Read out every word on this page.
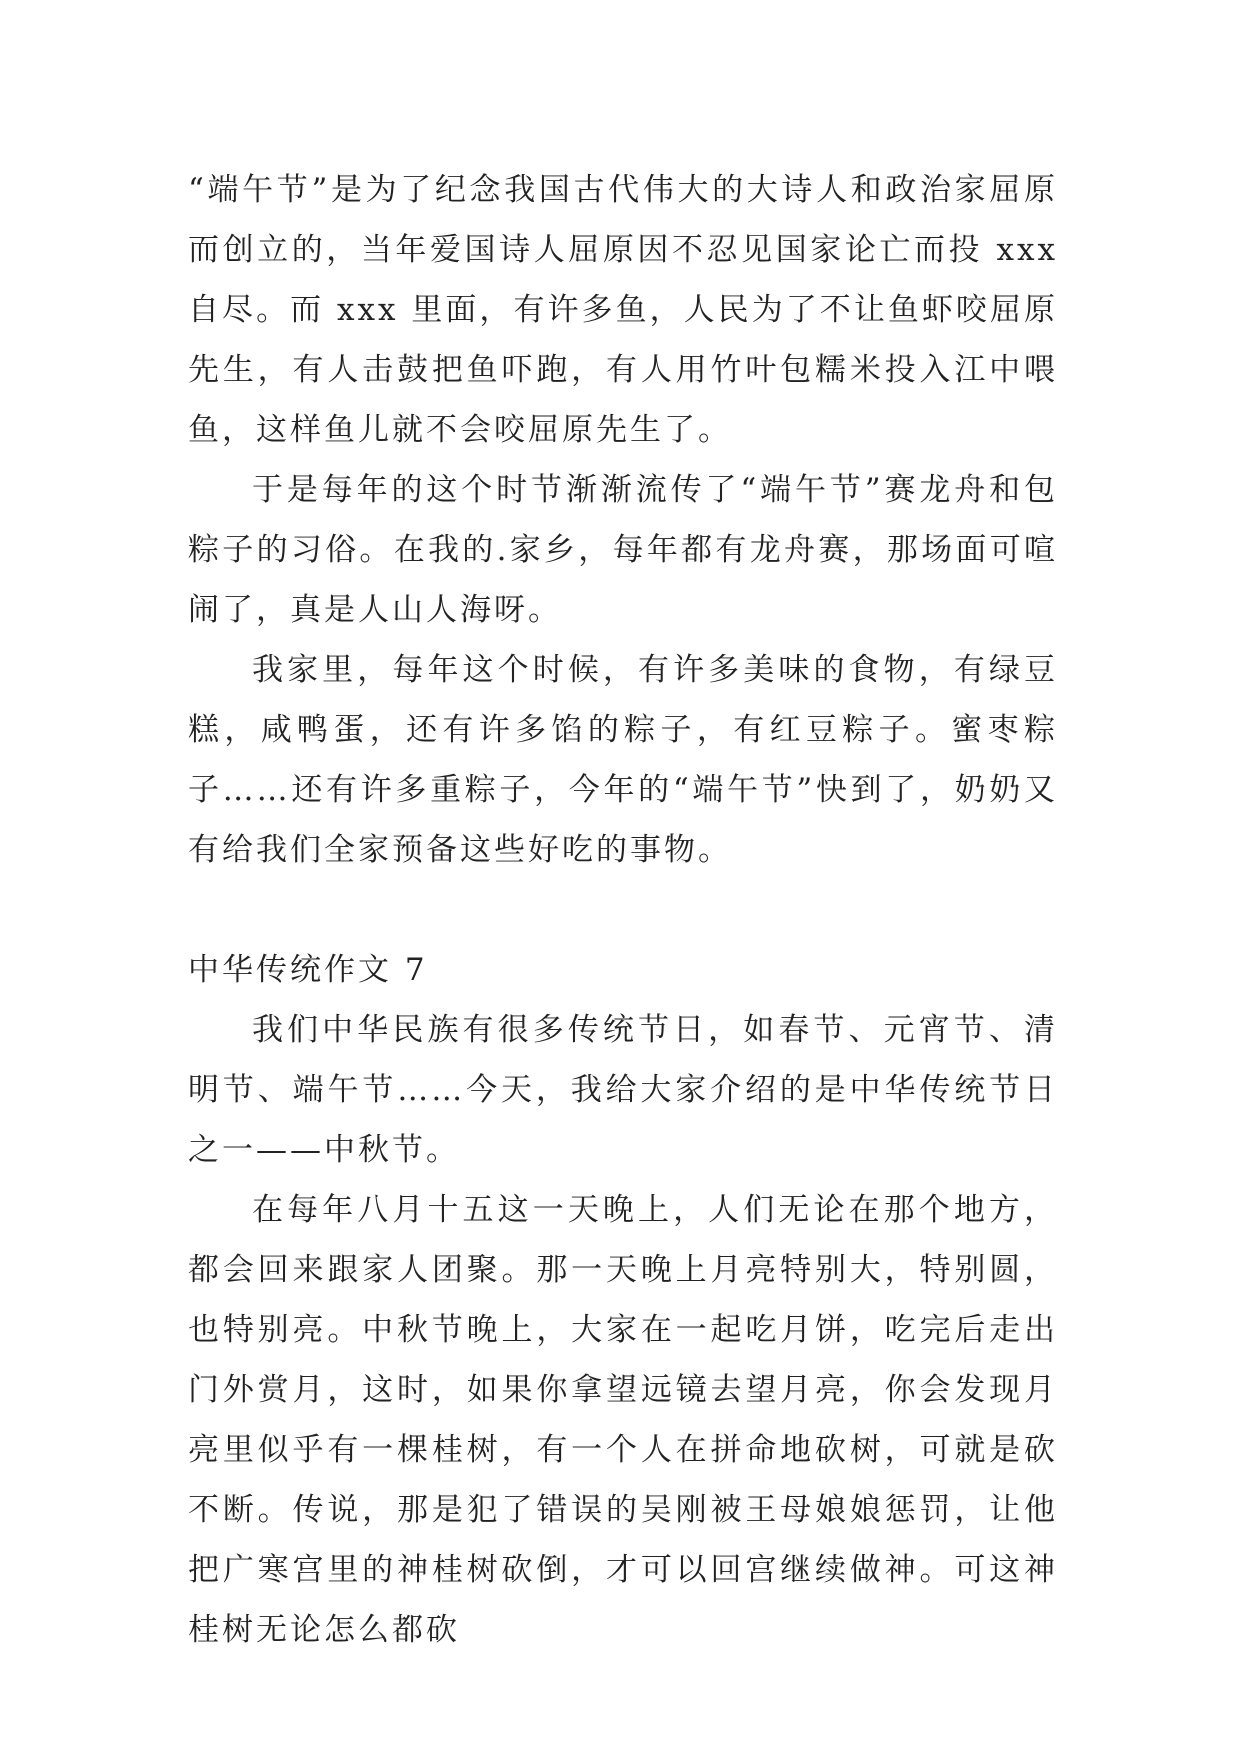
“端午节”是为了纪念我国古代伟大的大诗人和政治家屈原而创立的，当年爱国诗人屈原因不忍见国家论亡而投 xxx 自尽。而 xxx 里面，有许多鱼，人民为了不让鱼虾咬屈原先生，有人击鼓把鱼吓跑，有人用竹叶包糯米投入江中喂鱼，这样鱼儿就不会咬屈原先生了。

于是每年的这个时节渐渐流传了“端午节”赛龙舟和包粽子的习俗。在我的.家乡，每年都有龙舟赛，那场面可喧闹了，真是人山人海呀。

我家里，每年这个时候，有许多美味的食物，有绿豆糕，咸鸭蛋，还有许多馅的粽子，有红豆粽子。蜜枣粽子……还有许多重粽子，今年的“端午节”快到了，奶奶又有给我们全家预备这些好吃的事物。

中华传统作文 7

我们中华民族有很多传统节日，如春节、元宵节、清明节、端午节……今天，我给大家介绍的是中华传统节日之一——中秋节。

在每年八月十五这一天晚上，人们无论在那个地方，都会回来跟家人团聚。那一天晚上月亮特别大，特别圆，也特别亮。中秋节晚上，大家在一起吃月饼，吃完后走出门外赏月，这时，如果你拿望远镜去望月亮，你会发现月亮里似乎有一棵桂树，有一个人在拼命地砍树，可就是砍不断。传说，那是犯了错误的吴刚被王母娘娘惩罚，让他把广寒宫里的神桂树砍倒，才可以回宫继续做神。可这神桂树无论怎么都砍
